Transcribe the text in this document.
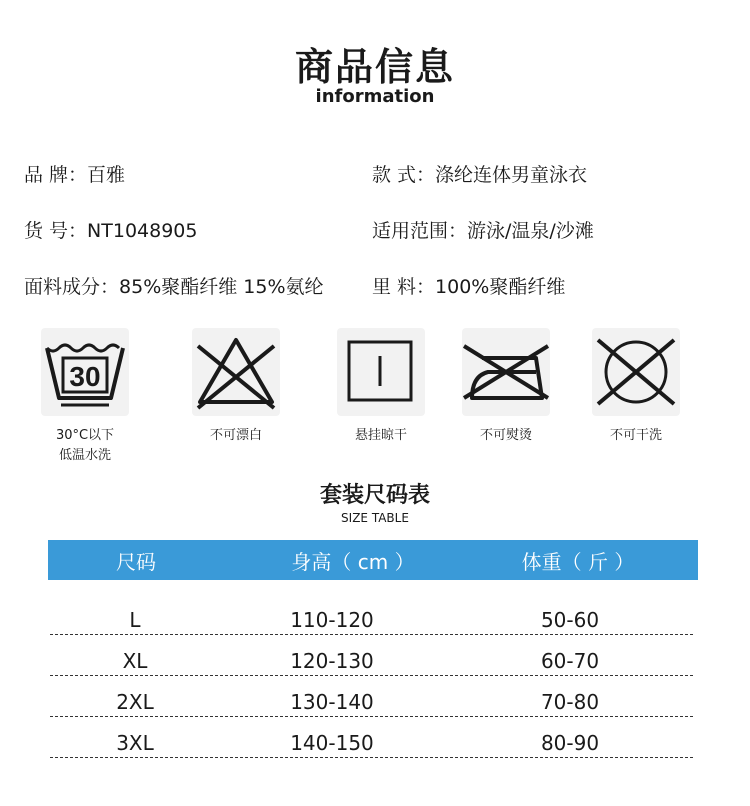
商品信息
information
品 牌：百雅	款 式：涤纶连体男童泳衣
货 号：NT1048905	适用范围：游泳/温泉/沙滩
面料成分：85%聚酯纤维 15%氨纶	里 料：100%聚酯纤维
30
30°C以下
低温水洗
不可漂白	悬挂晾干	不可熨烫	不可干洗
套装尺码表
SIZE TABLE
尺码	身高（ cm ）	体重（ 斤 ）
L	110-120	50-60
XL	120-130	60-70
2XL	130-140	70-80
3XL	140-150	80-90
